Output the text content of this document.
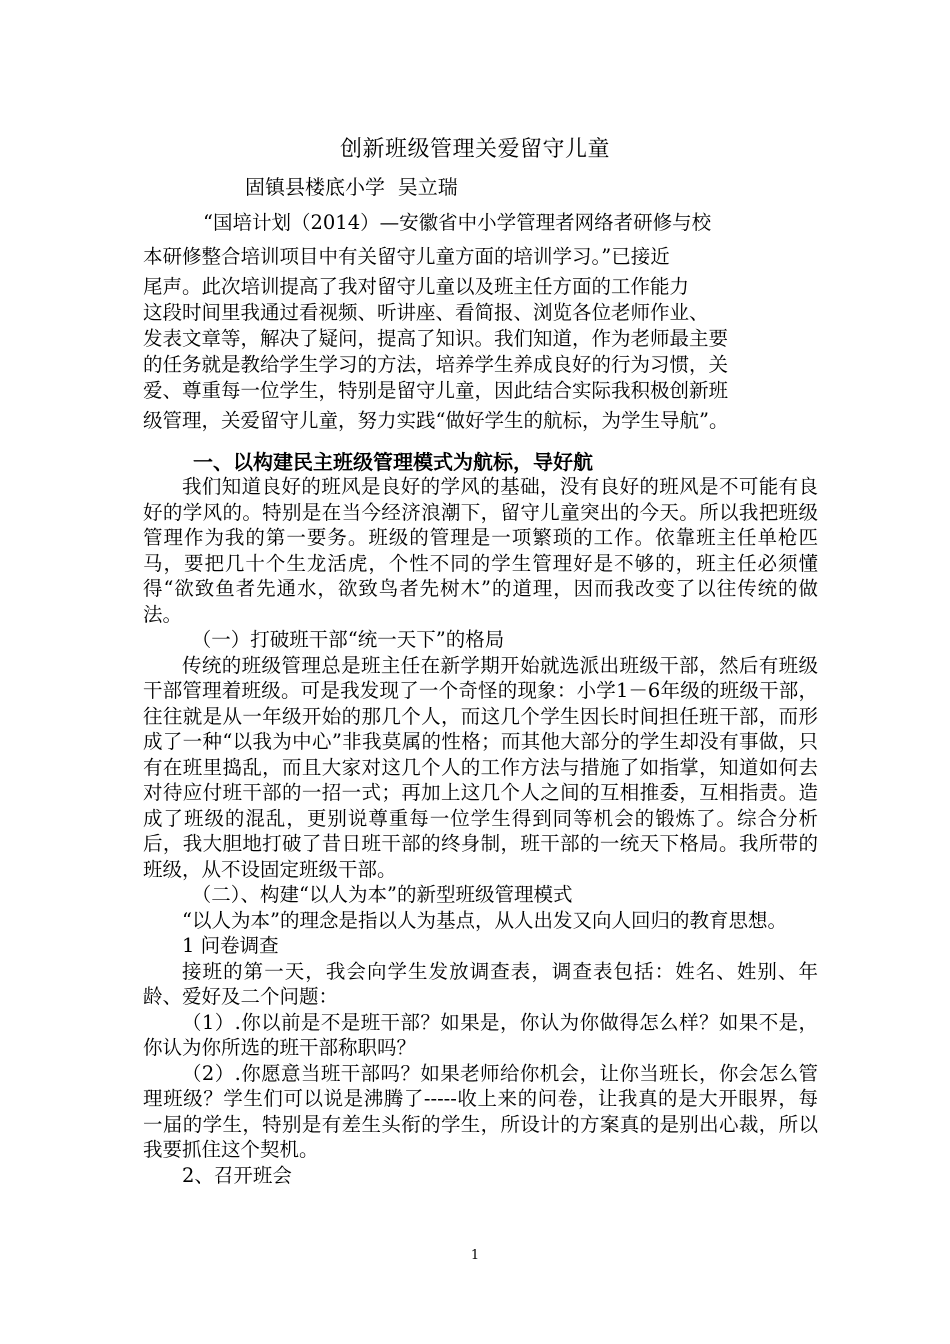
创新班级管理关爱留守儿童
固镇县楼底小学  吴立瑞
“国培计划（2014）—安徽省中小学管理者网络者研修与校
本研修整合培训项目中有关留守儿童方面的培训学习。”已接近
尾声。此次培训提高了我对留守儿童以及班主任方面的工作能力
这段时间里我通过看视频、听讲座、看简报、浏览各位老师作业、
发表文章等，解决了疑问，提高了知识。我们知道，作为老师最主要
的任务就是教给学生学习的方法，培养学生养成良好的行为习惯，关
爱、尊重每一位学生，特别是留守儿童，因此结合实际我积极创新班
级管理，关爱留守儿童，努力实践“做好学生的航标，为学生导航”。
一、以构建民主班级管理模式为航标，导好航

我们知道良好的班风是良好的学风的基础，没有良好的班风是不可能有良好的学风的。特别是在当今经济浪潮下，留守儿童突出的今天。所以我把班级管理作为我的第一要务。班级的管理是一项繁琐的工作。依靠班主任单枪匹马，要把几十个生龙活虎，个性不同的学生管理好是不够的，班主任必须懂得“欲致鱼者先通水，欲致鸟者先树木”的道理，因而我改变了以往传统的做法。

（一）打破班干部“统一天下”的格局

传统的班级管理总是班主任在新学期开始就选派出班级干部，然后有班级干部管理着班级。可是我发现了一个奇怪的现象：小学1－6年级的班级干部，往往就是从一年级开始的那几个人，而这几个学生因长时间担任班干部，而形成了一种“以我为中心”非我莫属的性格；而其他大部分的学生却没有事做，只有在班里捣乱，而且大家对这几个人的工作方法与措施了如指掌，知道如何去对待应付班干部的一招一式；再加上这几个人之间的互相推委，互相指责。造成了班级的混乱，更别说尊重每一位学生得到同等机会的锻炼了。综合分析后，我大胆地打破了昔日班干部的终身制，班干部的一统天下格局。我所带的班级，从不设固定班级干部。

（二）、构建“以人为本”的新型班级管理模式

“以人为本”的理念是指以人为基点，从人出发又向人回归的教育思想。

1 问卷调查

接班的第一天，我会向学生发放调查表，调查表包括：姓名、姓别、年龄、爱好及二个问题：

（1）.你以前是不是班干部？如果是，你认为你做得怎么样？如果不是，你认为你所选的班干部称职吗？

（2）.你愿意当班干部吗？如果老师给你机会，让你当班长，你会怎么管理班级？学生们可以说是沸腾了-----收上来的问卷，让我真的是大开眼界，每一届的学生，特别是有差生头衔的学生，所设计的方案真的是别出心裁，所以我要抓住这个契机。

2、召开班会

1
